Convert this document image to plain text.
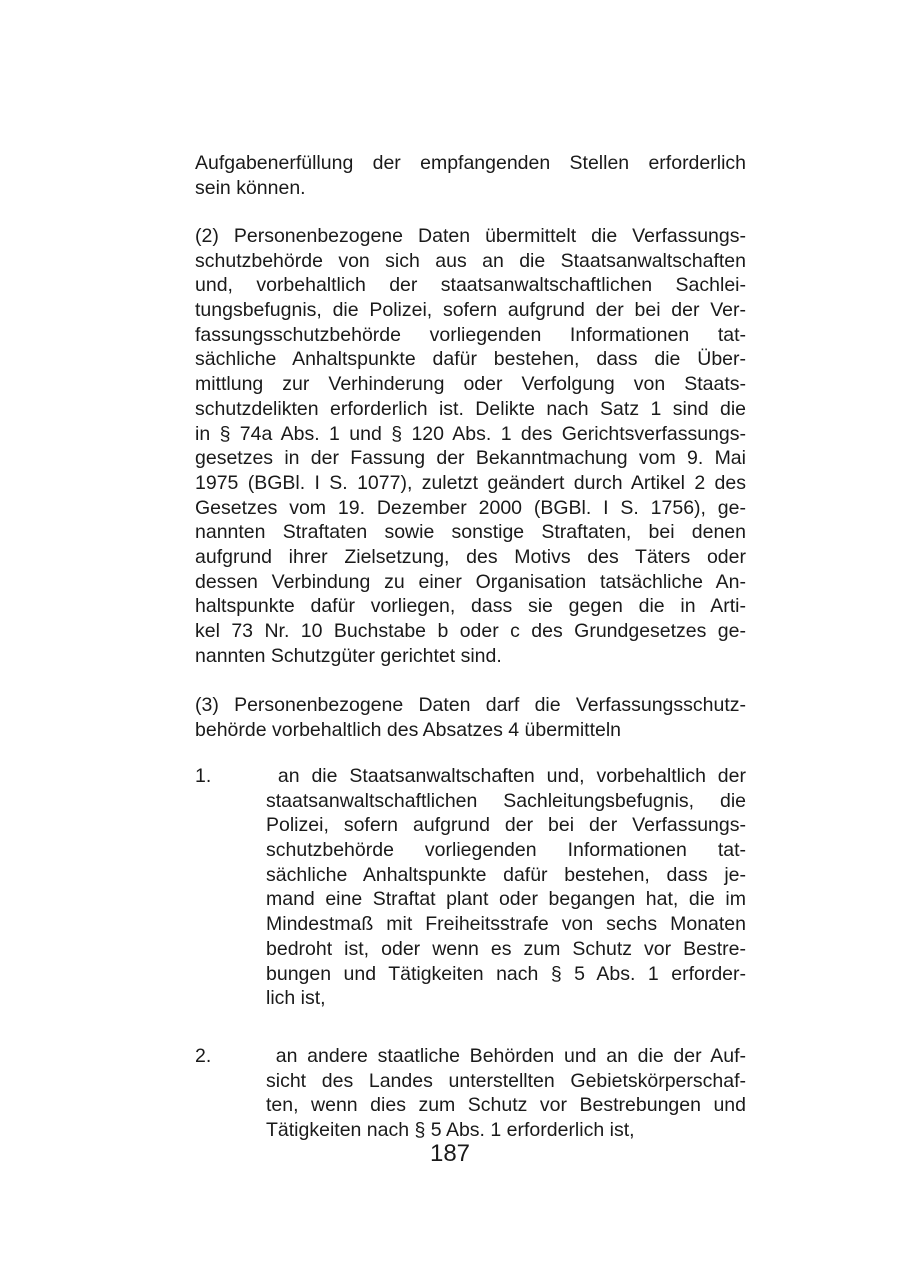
Aufgabenerfüllung der empfangenden Stellen erforderlich
sein können.
(2) Personenbezogene Daten übermittelt die Verfassungs-
schutzbehörde von sich aus an die Staatsanwaltschaften
und, vorbehaltlich der staatsanwaltschaftlichen Sachlei-
tungsbefugnis, die Polizei, sofern aufgrund der bei der Ver-
fassungsschutzbehörde vorliegenden Informationen tat-
sächliche Anhaltspunkte dafür bestehen, dass die Über-
mittlung zur Verhinderung oder Verfolgung von Staats-
schutzdelikten erforderlich ist. Delikte nach Satz 1 sind die
in § 74a Abs. 1 und § 120 Abs. 1 des Gerichtsverfassungs-
gesetzes in der Fassung der Bekanntmachung vom 9. Mai
1975 (BGBl. I S. 1077), zuletzt geändert durch Artikel 2 des
Gesetzes vom 19. Dezember 2000 (BGBl. I S. 1756), ge-
nannten Straftaten sowie sonstige Straftaten, bei denen
aufgrund ihrer Zielsetzung, des Motivs des Täters oder
dessen Verbindung zu einer Organisation tatsächliche An-
haltspunkte dafür vorliegen, dass sie gegen die in Arti-
kel 73 Nr. 10 Buchstabe b oder c des Grundgesetzes ge-
nannten Schutzgüter gerichtet sind.
(3) Personenbezogene Daten darf die Verfassungsschutz-
behörde vorbehaltlich des Absatzes 4 übermitteln
1.	an die Staatsanwaltschaften und, vorbehaltlich der
staatsanwaltschaftlichen Sachleitungsbefugnis, die
Polizei, sofern aufgrund der bei der Verfassungs-
schutzbehörde vorliegenden Informationen tat-
sächliche Anhaltspunkte dafür bestehen, dass je-
mand eine Straftat plant oder begangen hat, die im
Mindestmaß mit Freiheitsstrafe von sechs Monaten
bedroht ist, oder wenn es zum Schutz vor Bestre-
bungen und Tätigkeiten nach § 5 Abs. 1 erforder-
lich ist,
2.	an andere staatliche Behörden und an die der Auf-
sicht des Landes unterstellten Gebietskörperschaf-
ten, wenn dies zum Schutz vor Bestrebungen und
Tätigkeiten nach § 5 Abs. 1 erforderlich ist,
187
